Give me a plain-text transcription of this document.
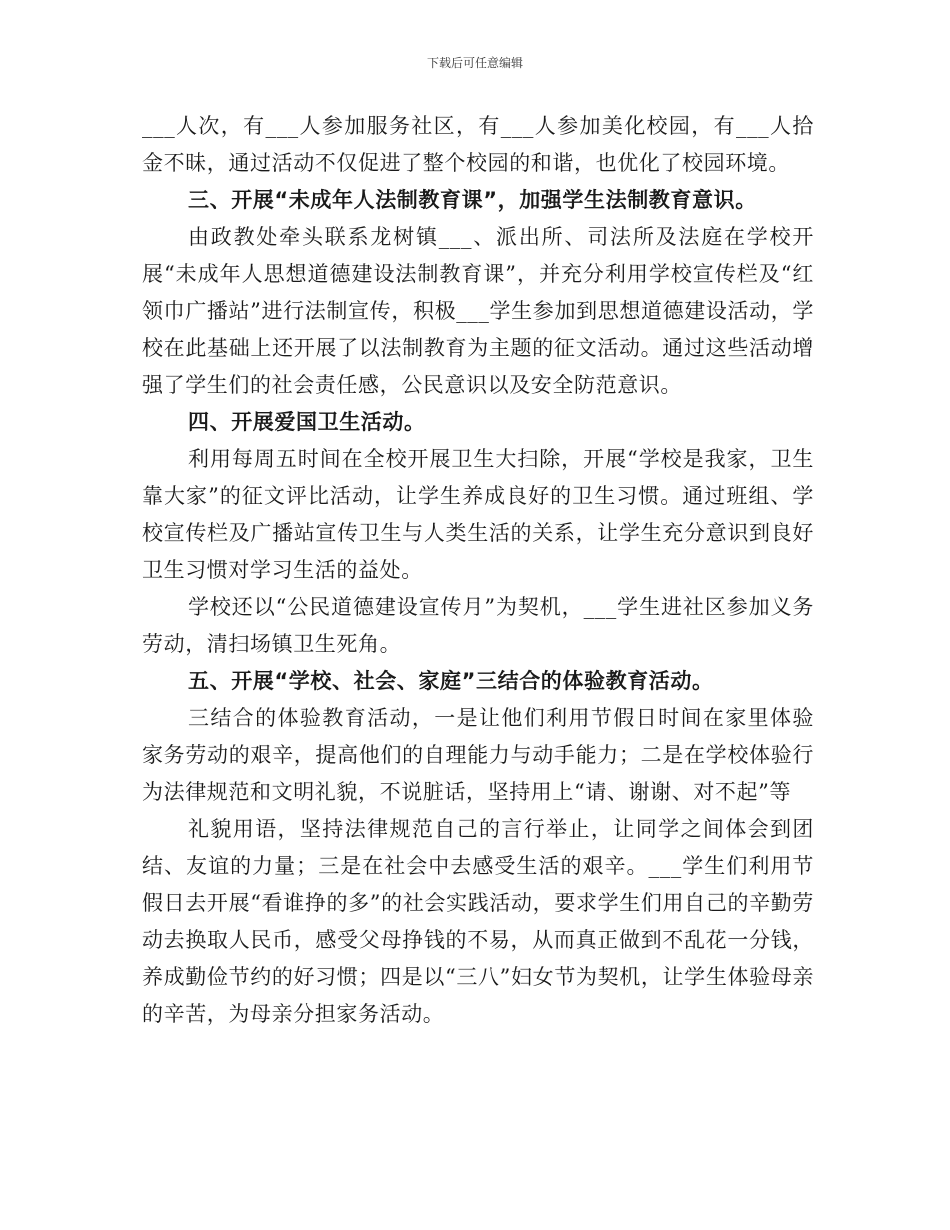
下载后可任意编辑

___人次，有___人参加服务社区，有___人参加美化校园，有___人拾金不昧，通过活动不仅促进了整个校园的和谐，也优化了校园环境。

三、开展“未成年人法制教育课”，加强学生法制教育意识。

由政教处牵头联系龙树镇___、派出所、司法所及法庭在学校开展“未成年人思想道德建设法制教育课”，并充分利用学校宣传栏及“红领巾广播站”进行法制宣传，积极___学生参加到思想道德建设活动，学校在此基础上还开展了以法制教育为主题的征文活动。通过这些活动增强了学生们的社会责任感，公民意识以及安全防范意识。

四、开展爱国卫生活动。

利用每周五时间在全校开展卫生大扫除，开展“学校是我家，卫生靠大家”的征文评比活动，让学生养成良好的卫生习惯。通过班组、学校宣传栏及广播站宣传卫生与人类生活的关系，让学生充分意识到良好卫生习惯对学习生活的益处。

学校还以“公民道德建设宣传月”为契机，___学生进社区参加义务劳动，清扫场镇卫生死角。

五、开展“学校、社会、家庭”三结合的体验教育活动。

三结合的体验教育活动，一是让他们利用节假日时间在家里体验家务劳动的艰辛，提高他们的自理能力与动手能力；二是在学校体验行为法律规范和文明礼貌，不说脏话，坚持用上“请、谢谢、对不起”等

礼貌用语，坚持法律规范自己的言行举止，让同学之间体会到团结、友谊的力量；三是在社会中去感受生活的艰辛。___学生们利用节假日去开展“看谁挣的多”的社会实践活动，要求学生们用自己的辛勤劳动去换取人民币，感受父母挣钱的不易，从而真正做到不乱花一分钱，养成勤俭节约的好习惯；四是以“三八”妇女节为契机，让学生体验母亲的辛苦，为母亲分担家务活动。
